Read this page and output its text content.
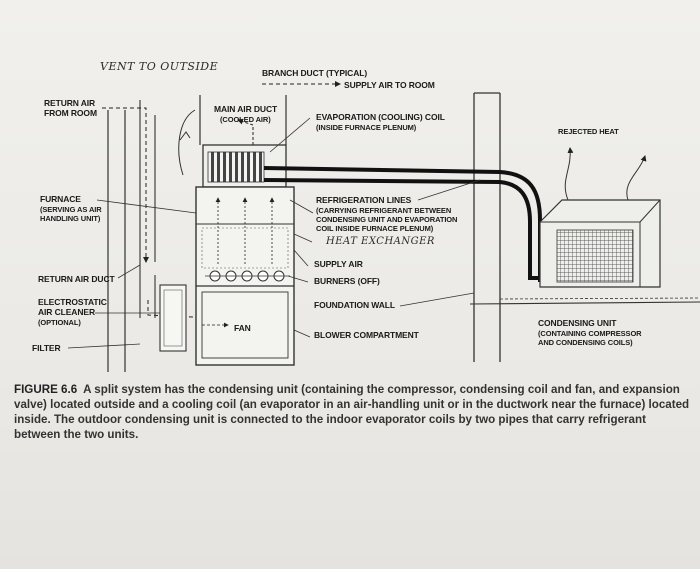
VENT TO OUTSIDE	BRANCH DUCT (TYPICAL)
SUPPLY AIR TO ROOM
RETURN AIR
FROM ROOM	MAIN AIR DUCT
(COOLED AIR)	EVAPORATION (COOLING) COIL
(INSIDE FURNACE PLENUM)	REJECTED HEAT
FURNACE
(SERVING AS AIR
HANDLING UNIT)
REFRIGERATION LINES
(CARRYING REFRIGERANT BETWEEN
CONDENSING UNIT AND EVAPORATION
COIL INSIDE FURNACE PLENUM)
HEAT EXCHANGER
SUPPLY AIR
RETURN AIR DUCT	BURNERS (OFF)
ELECTROSTATIC
AIR CLEANER
(OPTIONAL)
FOUNDATION WALL
CONDENSING UNIT
(CONTAINING COMPRESSOR
AND CONDENSING COILS)
FAN
BLOWER COMPARTMENT
FILTER
FIGURE 6.6 A split system has the condensing unit (containing the compressor, condensing coil and fan, and expansion valve) located outside and a cooling coil (an evaporator in an air-handling unit or in the ductwork near the furnace) located inside. The outdoor condensing unit is connected to the indoor evaporator coils by two pipes that carry refrigerant between the two units.
